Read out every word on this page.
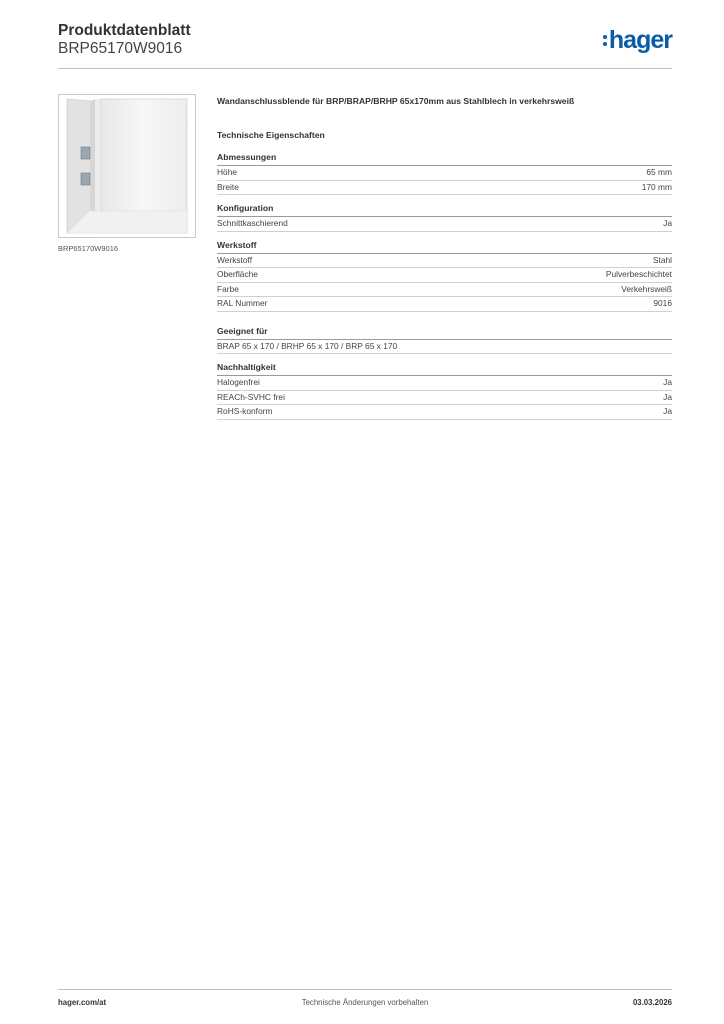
Produktdatenblatt
BRP65170W9016	hager
BRP65170W9016
Wandanschlussblende für BRP/BRAP/BRHP 65x170mm aus Stahlblech in verkehrsweiß
Technische Eigenschaften
Abmessungen
Höhe	65 mm
Breite	170 mm
Konfiguration
Schnittkaschierend	Ja
Werkstoff
Werkstoff	Stahl
Oberfläche	Pulverbeschichtet
Farbe	Verkehrsweiß
RAL Nummer	9016
Geeignet für
BRAP 65 x 170 / BRHP 65 x 170 / BRP 65 x 170
Nachhaltigkeit
Halogenfrei	Ja
REACh-SVHC frei	Ja
RoHS-konform	Ja
hager.com/at	Technische Änderungen vorbehalten	03.03.2026
